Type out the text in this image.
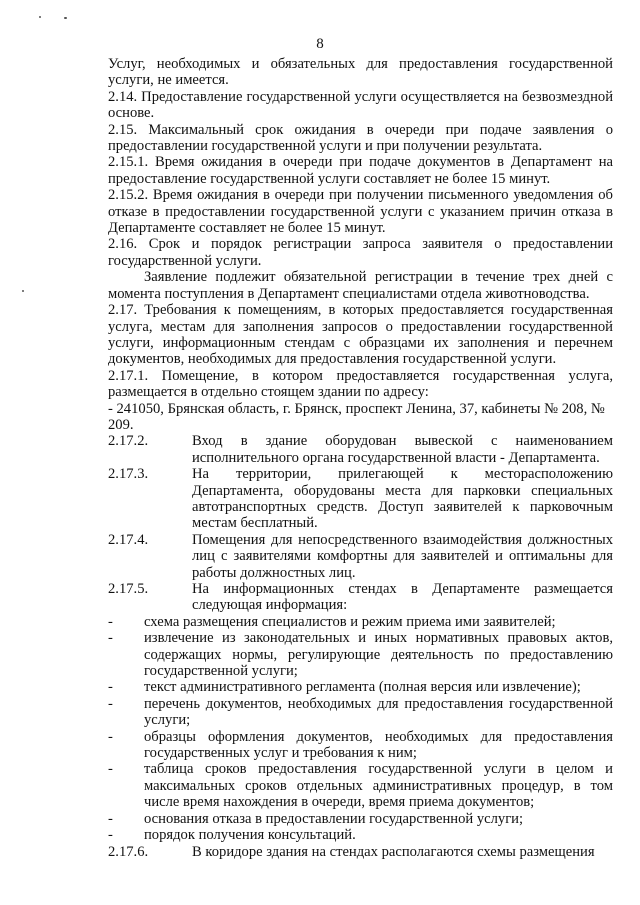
8

Услуг, необходимых и обязательных для предоставления государственной услуги, не имеется.

2.14. Предоставление государственной услуги осуществляется на безвозмездной основе.

2.15. Максимальный срок ожидания в очереди при подаче заявления о предоставлении государственной услуги и при получении результата.

2.15.1. Время ожидания в очереди при подаче документов в Департамент на предоставление государственной услуги составляет не более 15 минут.

2.15.2. Время ожидания в очереди при получении письменного уведомления об отказе в предоставлении государственной услуги с указанием причин отказа в Департаменте составляет не более 15 минут.

2.16. Срок и порядок регистрации запроса заявителя о предоставлении государственной услуги.

Заявление подлежит обязательной регистрации в течение трех дней с момента поступления в Департамент специалистами отдела животноводства.

2.17. Требования к помещениям, в которых предоставляется государственная услуга, местам для заполнения запросов о предоставлении государственной услуги, информационным стендам с образцами их заполнения и перечнем документов, необходимых для предоставления государственной услуги.

2.17.1. Помещение, в котором предоставляется государственная услуга, размещается в отдельно стоящем здании по адресу:

- 241050, Брянская область, г. Брянск, проспект Ленина, 37, кабинеты № 208, № 209.

2.17.2.	Вход в здание оборудован вывеской с наименованием исполнительного органа государственной власти - Департамента.
2.17.3.	На территории, прилегающей к месторасположению Департамента, оборудованы места для парковки специальных автотранспортных средств. Доступ заявителей к парковочным местам бесплатный.
2.17.4.	Помещения для непосредственного взаимодействия должностных лиц с заявителями комфортны для заявителей и оптимальны для работы должностных лиц.
2.17.5.	На информационных стендах в Департаменте размещается следующая информация:
-	схема размещения специалистов и режим приема ими заявителей;
-	извлечение из законодательных и иных нормативных правовых актов, содержащих нормы, регулирующие деятельность по предоставлению государственной услуги;
-	текст административного регламента (полная версия или извлечение);
-	перечень документов, необходимых для предоставления государственной услуги;
-	образцы оформления документов, необходимых для предоставления государственных услуг и требования к ним;
-	таблица сроков предоставления государственной услуги в целом и максимальных сроков отдельных административных процедур, в том числе время нахождения в очереди, время приема документов;
-	основания отказа в предоставлении государственной услуги;
-	порядок получения консультаций.
2.17.6.	В коридоре здания на стендах располагаются схемы размещения
